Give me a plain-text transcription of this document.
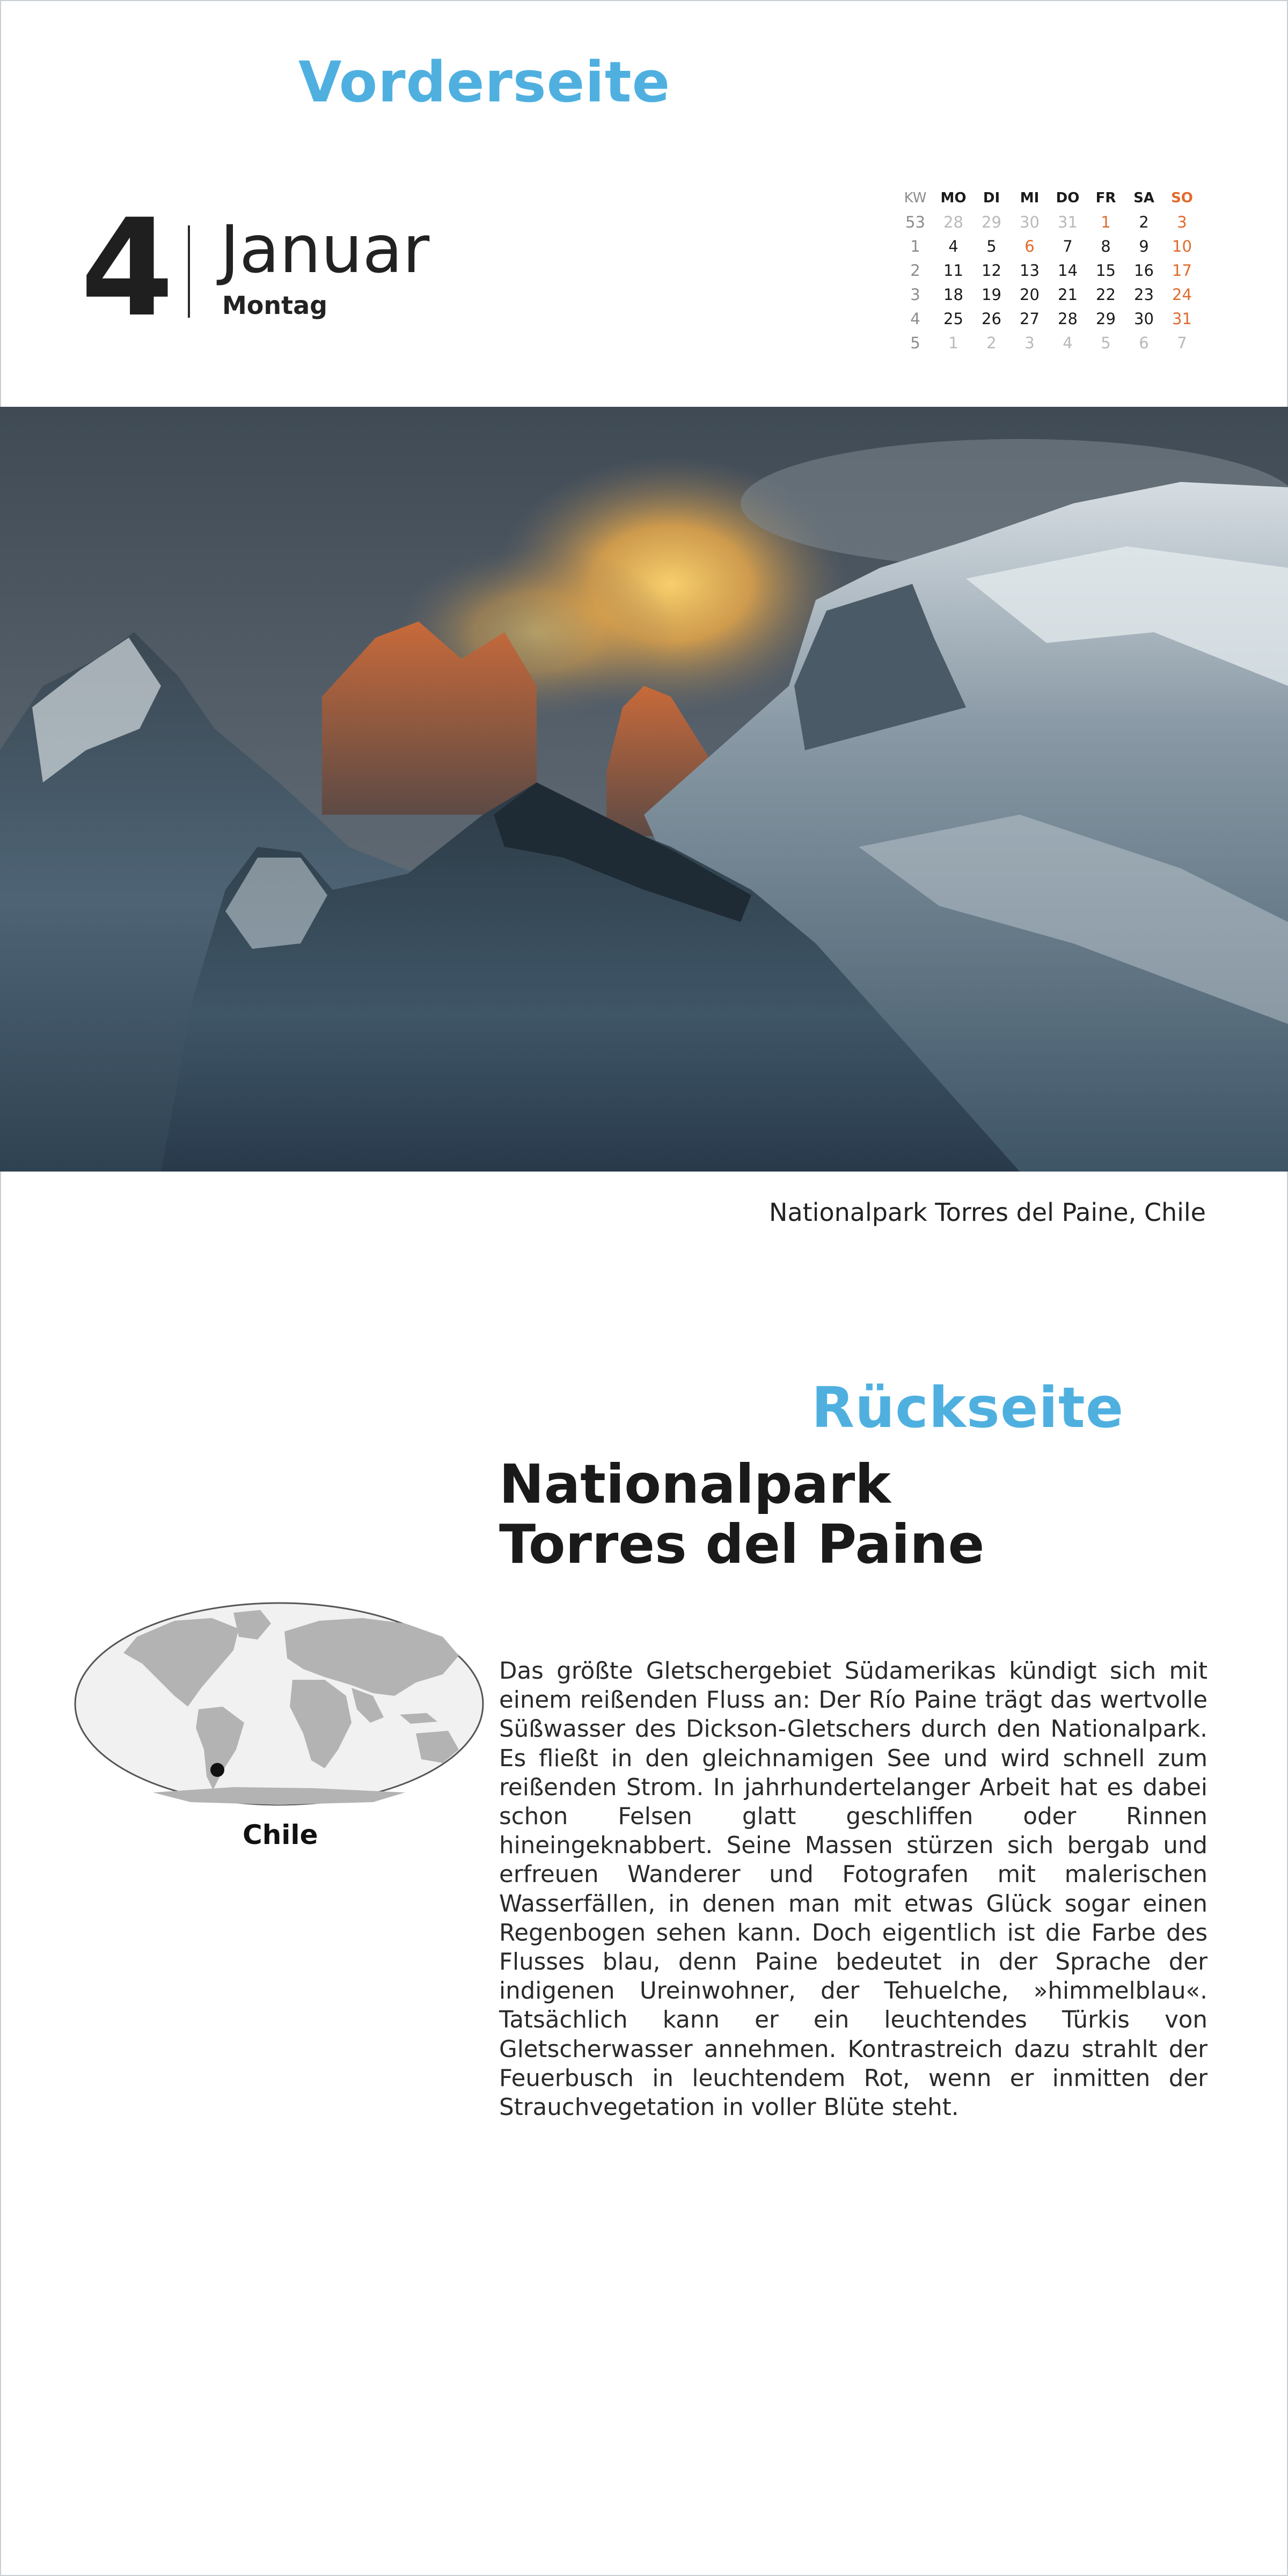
Vorderseite
4 Januar
Montag
KW	MO	DI	MI	DO	FR	SA	SO
53	28	29	30	31	1	2	3
1	4	5	6	7	8	9	10
2	11	12	13	14	15	16	17
3	18	19	20	21	22	23	24
4	25	26	27	28	29	30	31
5	1	2	3	4	5	6	7
Nationalpark Torres del Paine, Chile
Rückseite
Nationalpark
Torres del Paine
Chile
Das größte Gletschergebiet Südamerikas kündigt sich mit einem reißenden Fluss an: Der Río Paine trägt das wertvolle Süßwasser des Dickson-Gletschers durch den Nationalpark. Es fließt in den gleichnamigen See und wird schnell zum reißenden Strom. In jahrhundertelanger Arbeit hat es dabei schon Felsen glatt geschliffen oder Rinnen hineingeknabbert. Seine Massen stürzen sich bergab und erfreuen Wanderer und Fotografen mit malerischen Wasserfällen, in denen man mit etwas Glück sogar einen Regenbogen sehen kann. Doch eigentlich ist die Farbe des Flusses blau, denn Paine bedeutet in der Sprache der indigenen Ureinwohner, der Tehuelche, »himmelblau«. Tatsächlich kann er ein leuchtendes Türkis von Gletscherwasser annehmen. Kontrastreich dazu strahlt der Feuerbusch in leuchtendem Rot, wenn er inmitten der Strauchvegetation in voller Blüte steht.
